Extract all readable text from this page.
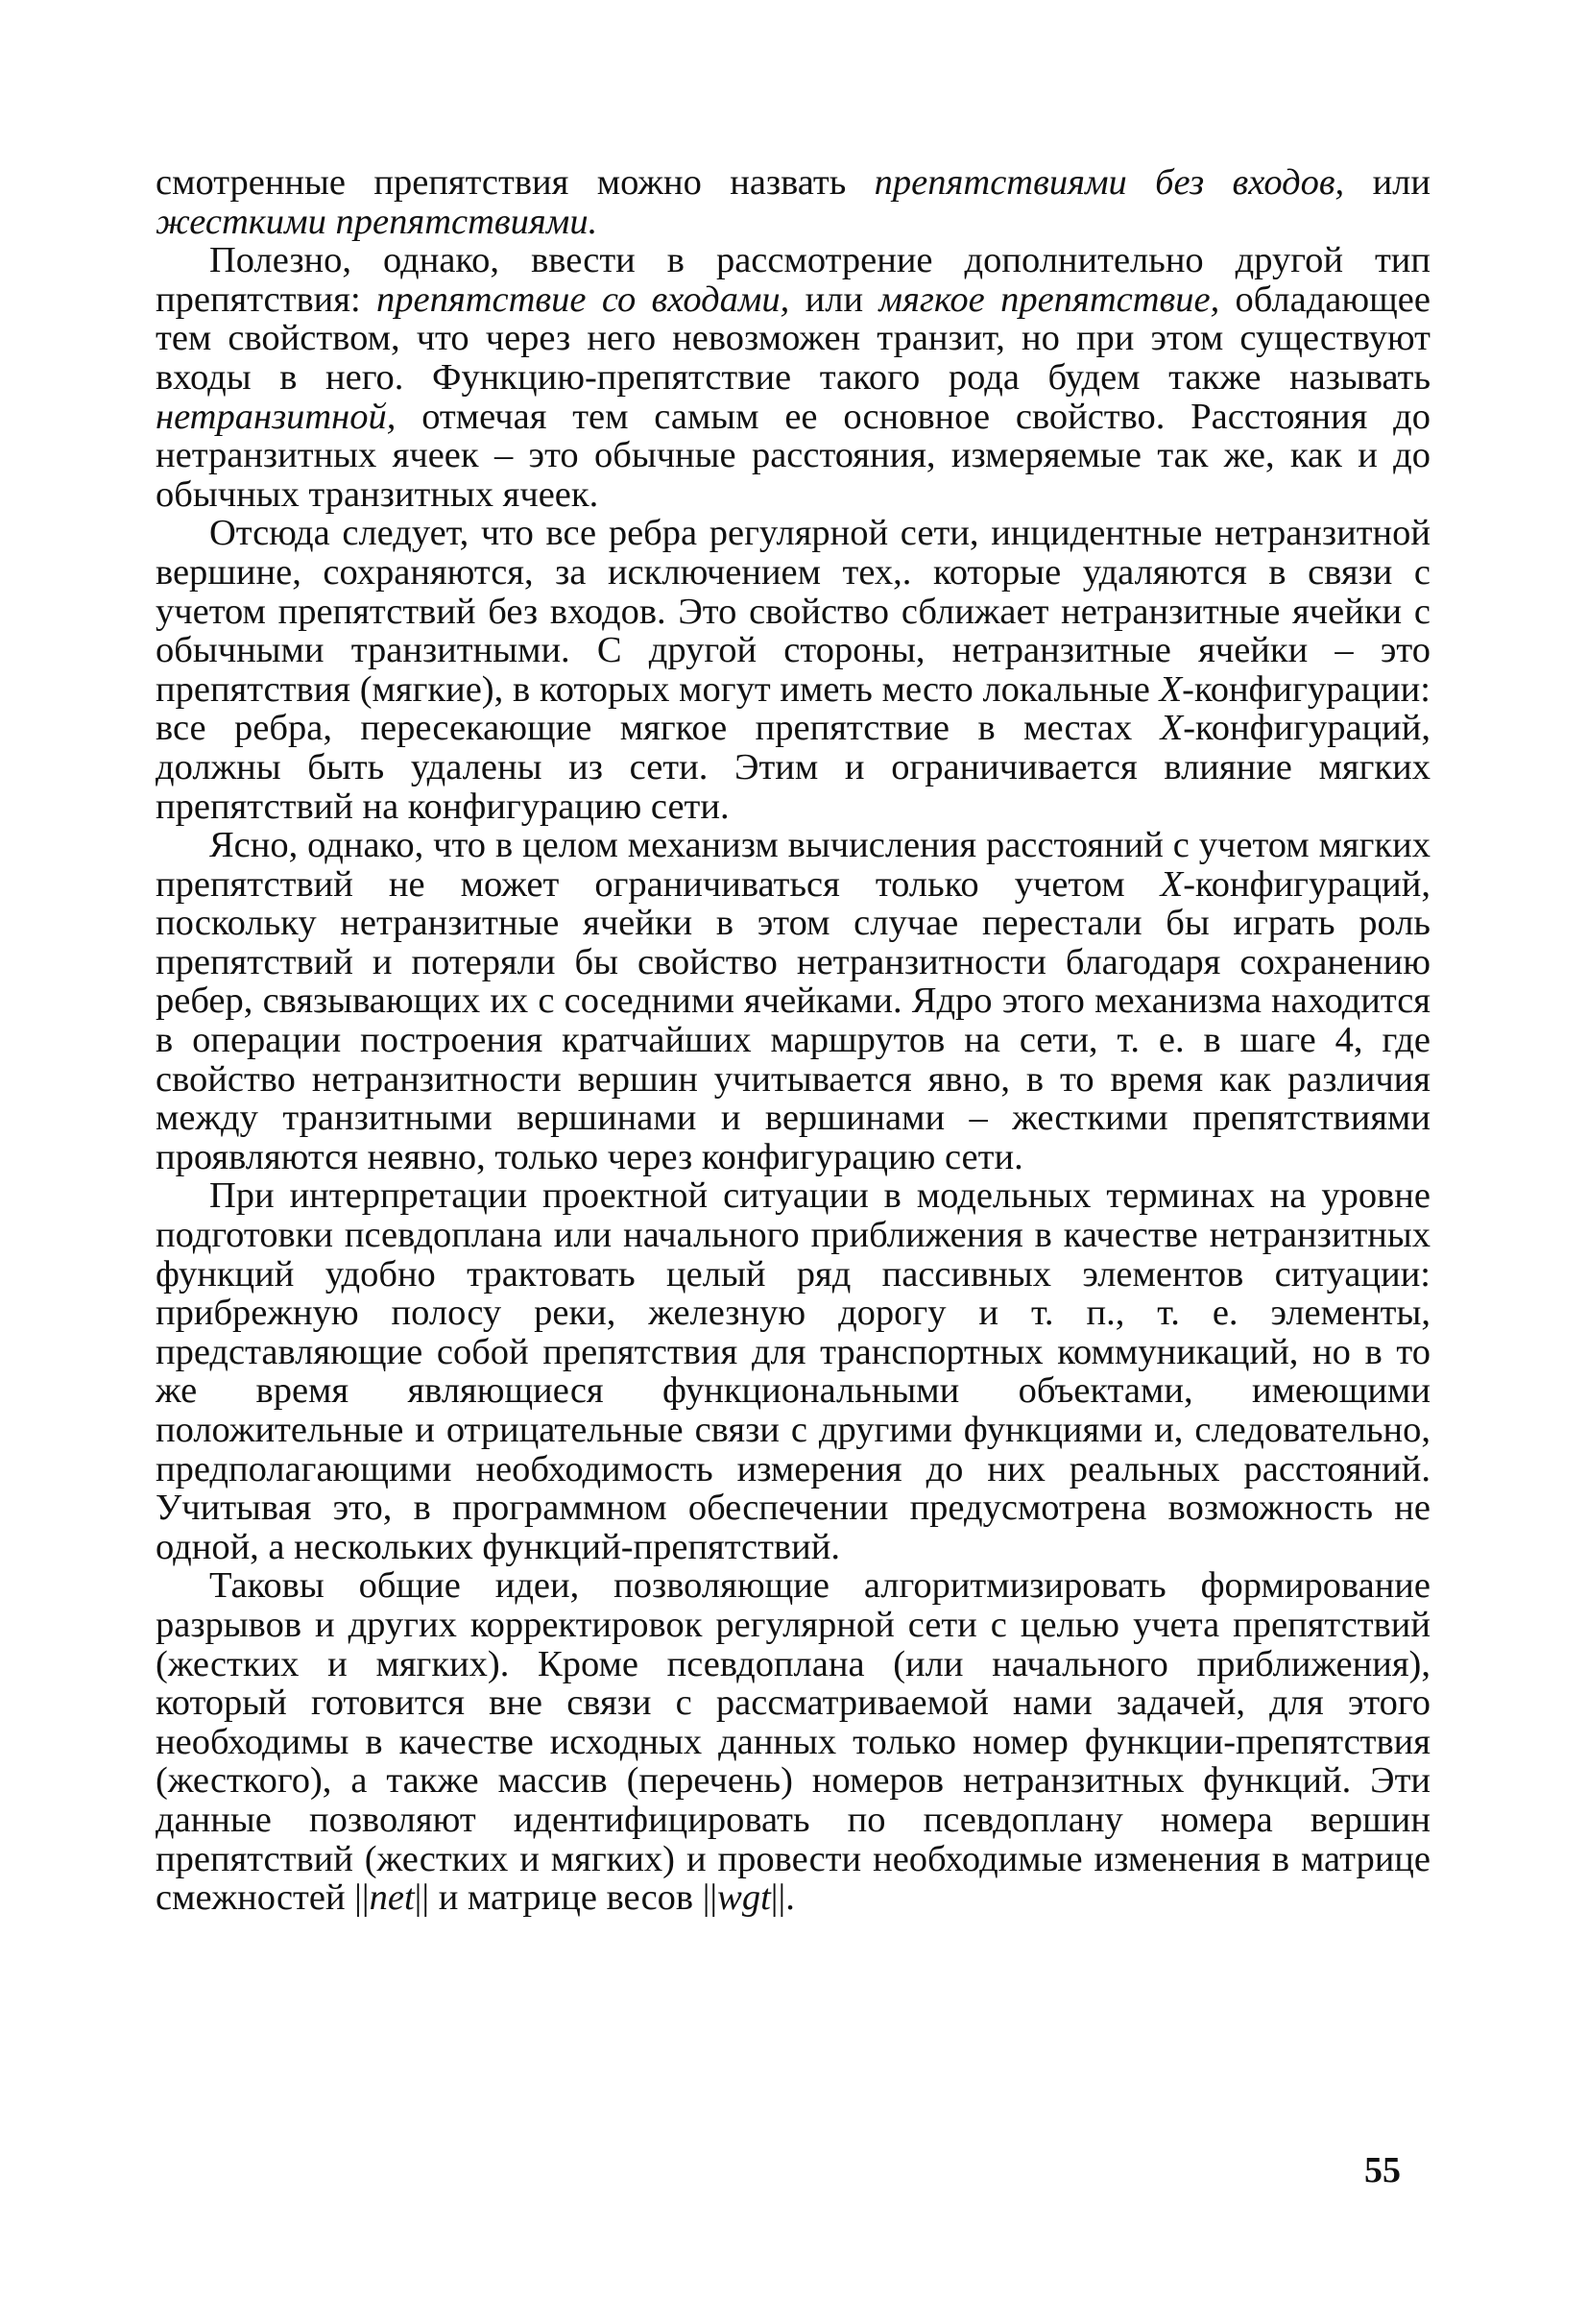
смотренные препятствия можно назвать препятствиями без входов, или жесткими препятствиями.

Полезно, однако, ввести в рассмотрение дополнительно другой тип препятствия: препятствие со входами, или мягкое препятствие, обладающее тем свойством, что через него невозможен транзит, но при этом существуют входы в него. Функцию-препятствие такого рода будем также называть нетранзитной, отмечая тем самым ее основное свойство. Расстояния до нетранзитных ячеек – это обычные расстояния, измеряемые так же, как и до обычных транзитных ячеек.

Отсюда следует, что все ребра регулярной сети, инцидентные нетранзитной вершине, сохраняются, за исключением тех,. которые удаляются в связи с учетом препятствий без входов. Это свойство сближает нетранзитные ячейки с обычными транзитными. С другой стороны, нетранзитные ячейки – это препятствия (мягкие), в которых могут иметь место локальные X-конфигурации: все ребра, пересекающие мягкое препятствие в местах X-конфигураций, должны быть удалены из сети. Этим и ограничивается влияние мягких препятствий на конфигурацию сети.

Ясно, однако, что в целом механизм вычисления расстояний с учетом мягких препятствий не может ограничиваться только учетом X-конфигураций, поскольку нетранзитные ячейки в этом случае перестали бы играть роль препятствий и потеряли бы свойство нетранзитности благодаря сохранению ребер, связывающих их с соседними ячейками. Ядро этого механизма находится в операции построения кратчайших маршрутов на сети, т. е. в шаге 4, где свойство нетранзитности вершин учитывается явно, в то время как различия между транзитными вершинами и вершинами – жесткими препятствиями проявляются неявно, только через конфигурацию сети.

При интерпретации проектной ситуации в модельных терминах на уровне подготовки псевдоплана или начального приближения в качестве нетранзитных функций удобно трактовать целый ряд пассивных элементов ситуации: прибрежную полосу реки, железную дорогу и т. п., т. е. элементы, представляющие собой препятствия для транспортных коммуникаций, но в то же время являющиеся функциональными объектами, имеющими положительные и отрицательные связи с другими функциями и, следовательно, предполагающими необходимость измерения до них реальных расстояний. Учитывая это, в программном обеспечении предусмотрена возможность не одной, а нескольких функций-препятствий.

Таковы общие идеи, позволяющие алгоритмизировать формирование разрывов и других корректировок регулярной сети с целью учета препятствий (жестких и мягких). Кроме псевдоплана (или начального приближения), который готовится вне связи с рассматриваемой нами задачей, для этого необходимы в качестве исходных данных только номер функции-препятствия (жесткого), а также массив (перечень) номеров нетранзитных функций. Эти данные позволяют идентифицировать по псевдоплану номера вершин препятствий (жестких и мягких) и провести необходимые изменения в матрице смежностей ||net|| и матрице весов ||wgt||.

55
